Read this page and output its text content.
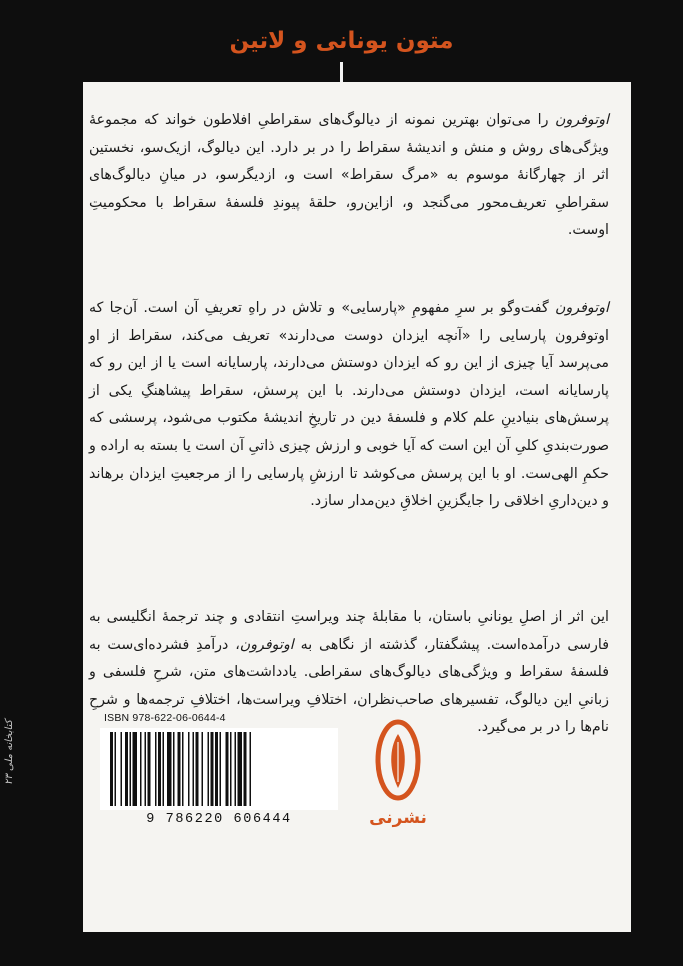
متون یونانی و لاتین

اوتوفرون را می‌توان بهترین نمونه از دیالوگ‌های سقراطیِ افلاطون خواند که مجموعهٔ ویژگی‌های روش و منش و اندیشهٔ سقراط را در بر دارد. این دیالوگ، ازیک‌سو، نخستین اثر از چهارگانهٔ موسوم به «مرگ سقراط» است و، ازدیگرسو، در میانِ دیالوگ‌های سقراطیِ تعریف‌محور می‌گنجد و، ازاین‌رو، حلقهٔ پیوندِ فلسفهٔ سقراط با محکومیتِ اوست.

اوتوفرون گفت‌وگو بر سرِ مفهومِ «پارسایی» و تلاش در راهِ تعریفِ آن است. آن‌جا که اوتوفرون پارسایی را «آنچه ایزدان دوست می‌دارند» تعریف می‌کند، سقراط از او می‌پرسد آیا چیزی از این رو که ایزدان دوستش می‌دارند، پارسایانه است یا از این رو که پارسایانه است، ایزدان دوستش می‌دارند. با این پرسش، سقراط پیشاهنگِ یکی از پرسش‌های بنیادینِ علم کلام و فلسفهٔ دین در تاریخِ اندیشهٔ مکتوب می‌شود، پرسشی که صورت‌بندیِ کلیِ آن این است که آیا خوبی و ارزش چیزی ذاتیِ آن است یا بسته به اراده و حکمِ الهی‌ست. او با این پرسش می‌کوشد تا ارزشِ پارسایی را از مرجعیتِ ایزدان برهاند و دین‌داریِ اخلاقی را جایگزینِ اخلاقِ دین‌مدار سازد.

این اثر از اصلِ یونانیِ باستان، با مقابلهٔ چند ویراستِ انتقادی و چند ترجمهٔ انگلیسی به فارسی درآمده‌است. پیشگفتار، گذشته از نگاهی به اوتوفرون، درآمدِ فشرده‌ای‌ست به فلسفهٔ سقراط و ویژگی‌های دیالوگ‌های سقراطی. یادداشت‌های متن، شرحِ فلسفی و زبانیِ این دیالوگ، تفسیرهای صاحب‌نظران، اختلافِ ویراست‌ها، اختلافِ ترجمه‌ها و شرحِ نام‌ها را در بر می‌گیرد.

ISBN 978-622-06-0644-4
9 786220 606444	نشرنی
کتابخانه ملی ۲۳
